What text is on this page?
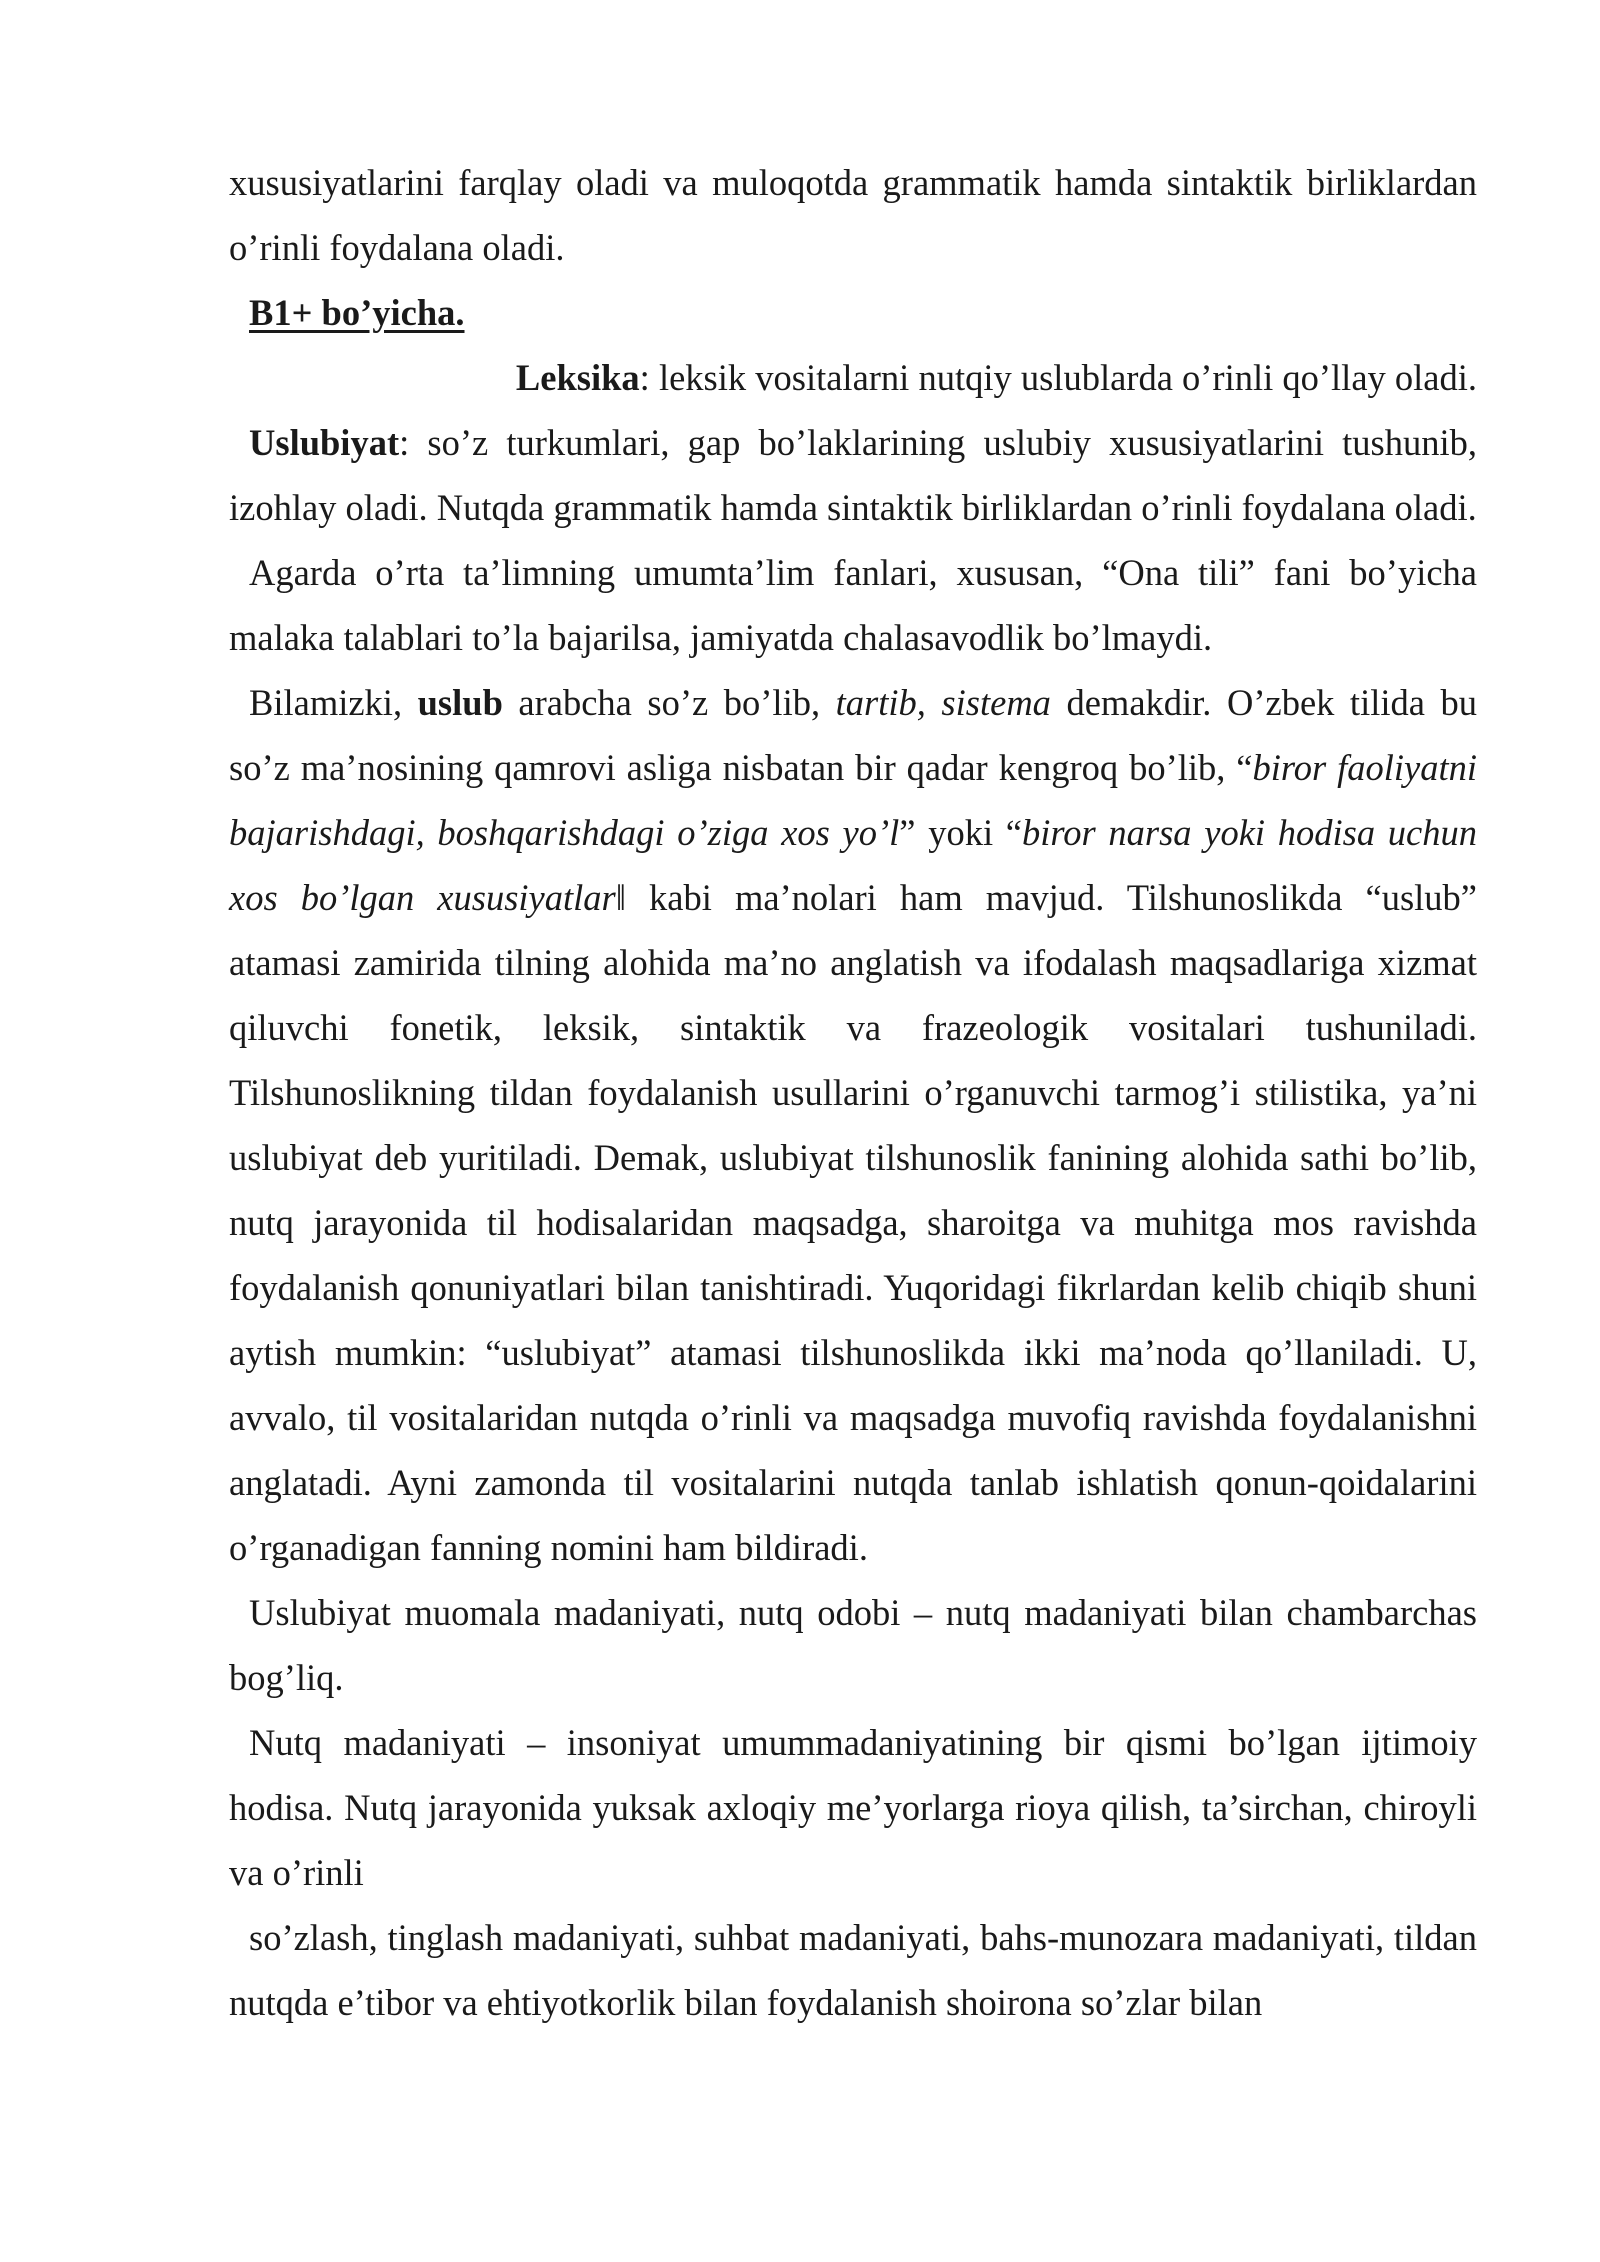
xususiyatlarini farqlay oladi va muloqotda grammatik hamda sintaktik birliklardan

o’rinli foydalana oladi.

B1+ bo’yicha.

Leksika: leksik vositalarni nutqiy uslublarda o’rinli qo’llay oladi.

Uslubiyat: so’z turkumlari, gap bo’laklarining uslubiy xususiyatlarini tushunib, izohlay oladi. Nutqda grammatik hamda sintaktik birliklardan o’rinli foydalana oladi.

Agarda o’rta ta’limning umumta’lim fanlari, xususan, “Ona tili” fani bo’yicha malaka talablari to’la bajarilsa, jamiyatda chalasavodlik bo’lmaydi.

Bilamizki, uslub arabcha so’z bo’lib, tartib, sistema demakdir. O’zbek tilida bu so’z ma’nosining qamrovi asliga nisbatan bir qadar kengroq bo’lib, “biror faoliyatni bajarishdagi, boshqarishdagi o’ziga xos yo’l” yoki “biror narsa yoki hodisa uchun xos bo’lgan xususiyatlar‖ kabi ma’nolari ham mavjud. Tilshunoslikda “uslub” atamasi zamirida tilning alohida ma’no anglatish va ifodalash maqsadlariga xizmat qiluvchi fonetik, leksik, sintaktik va frazeologik vositalari tushuniladi. Tilshunoslikning tildan foydalanish usullarini o’rganuvchi tarmog’i stilistika, ya’ni uslubiyat deb yuritiladi. Demak, uslubiyat tilshunoslik fanining alohida sathi bo’lib, nutq jarayonida til hodisalaridan maqsadga, sharoitga va muhitga mos ravishda foydalanish qonuniyatlari bilan tanishtiradi. Yuqoridagi fikrlardan kelib chiqib shuni aytish mumkin: “uslubiyat” atamasi tilshunoslikda ikki ma’noda qo’llaniladi. U, avvalo, til vositalaridan nutqda o’rinli va maqsadga muvofiq ravishda foydalanishni anglatadi. Ayni zamonda til vositalarini nutqda tanlab ishlatish qonun-qoidalarini o’rganadigan fanning nomini ham bildiradi.

Uslubiyat muomala madaniyati, nutq odobi – nutq madaniyati bilan chambarchas bog’liq.

Nutq madaniyati – insoniyat umummadaniyatining bir qismi bo’lgan ijtimoiy hodisa. Nutq jarayonida yuksak axloqiy me’yorlarga rioya qilish, ta’sirchan, chiroyli va o’rinli

so’zlash, tinglash madaniyati, suhbat madaniyati, bahs-munozara madaniyati, tildan nutqda e’tibor va ehtiyotkorlik bilan foydalanish shoirona so’zlar bilan
